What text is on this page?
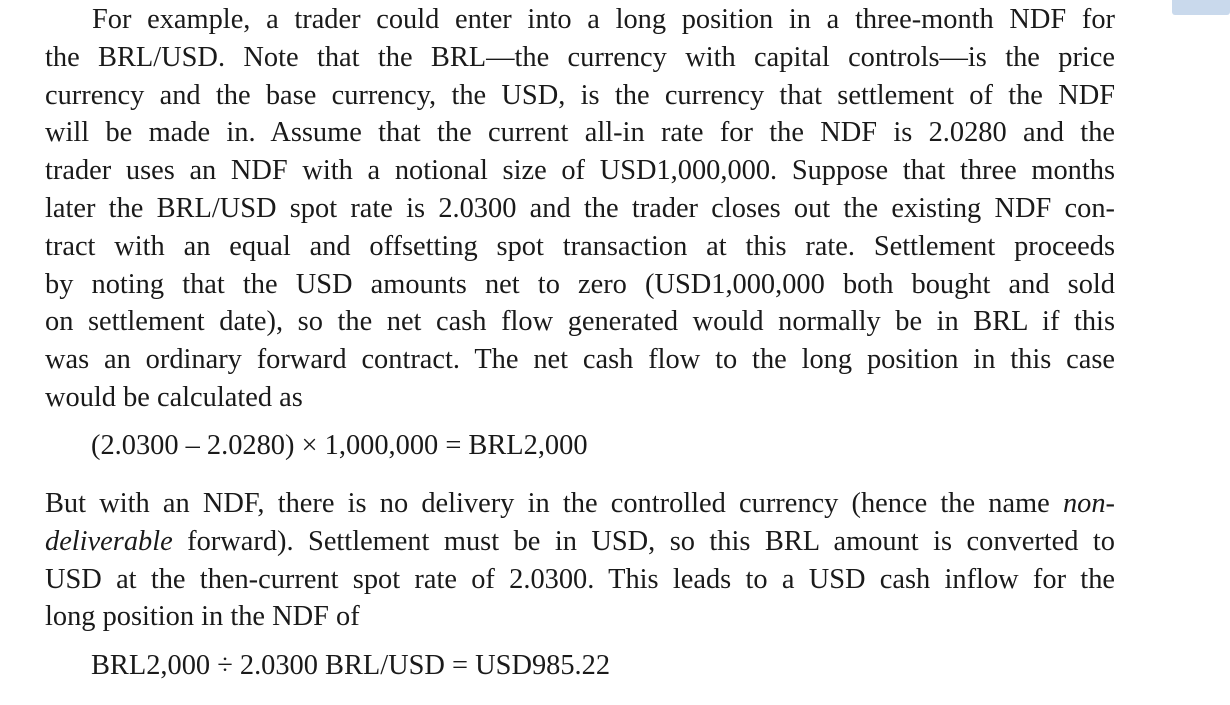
For example, a trader could enter into a long position in a three-month NDF for
the BRL/USD. Note that the BRL—the currency with capital controls—is the price
currency and the base currency, the USD, is the currency that settlement of the NDF
will be made in. Assume that the current all-in rate for the NDF is 2.0280 and the
trader uses an NDF with a notional size of USD1,000,000. Suppose that three months
later the BRL/USD spot rate is 2.0300 and the trader closes out the existing NDF con-
tract with an equal and offsetting spot transaction at this rate. Settlement proceeds
by noting that the USD amounts net to zero (USD1,000,000 both bought and sold
on settlement date), so the net cash flow generated would normally be in BRL if this
was an ordinary forward contract. The net cash flow to the long position in this case
would be calculated as
(2.0300 – 2.0280) × 1,000,000 = BRL2,000
But with an NDF, there is no delivery in the controlled currency (hence the name non-
deliverable forward). Settlement must be in USD, so this BRL amount is converted to
USD at the then-current spot rate of 2.0300. This leads to a USD cash inflow for the
long position in the NDF of
BRL2,000 ÷ 2.0300 BRL/USD = USD985.22
